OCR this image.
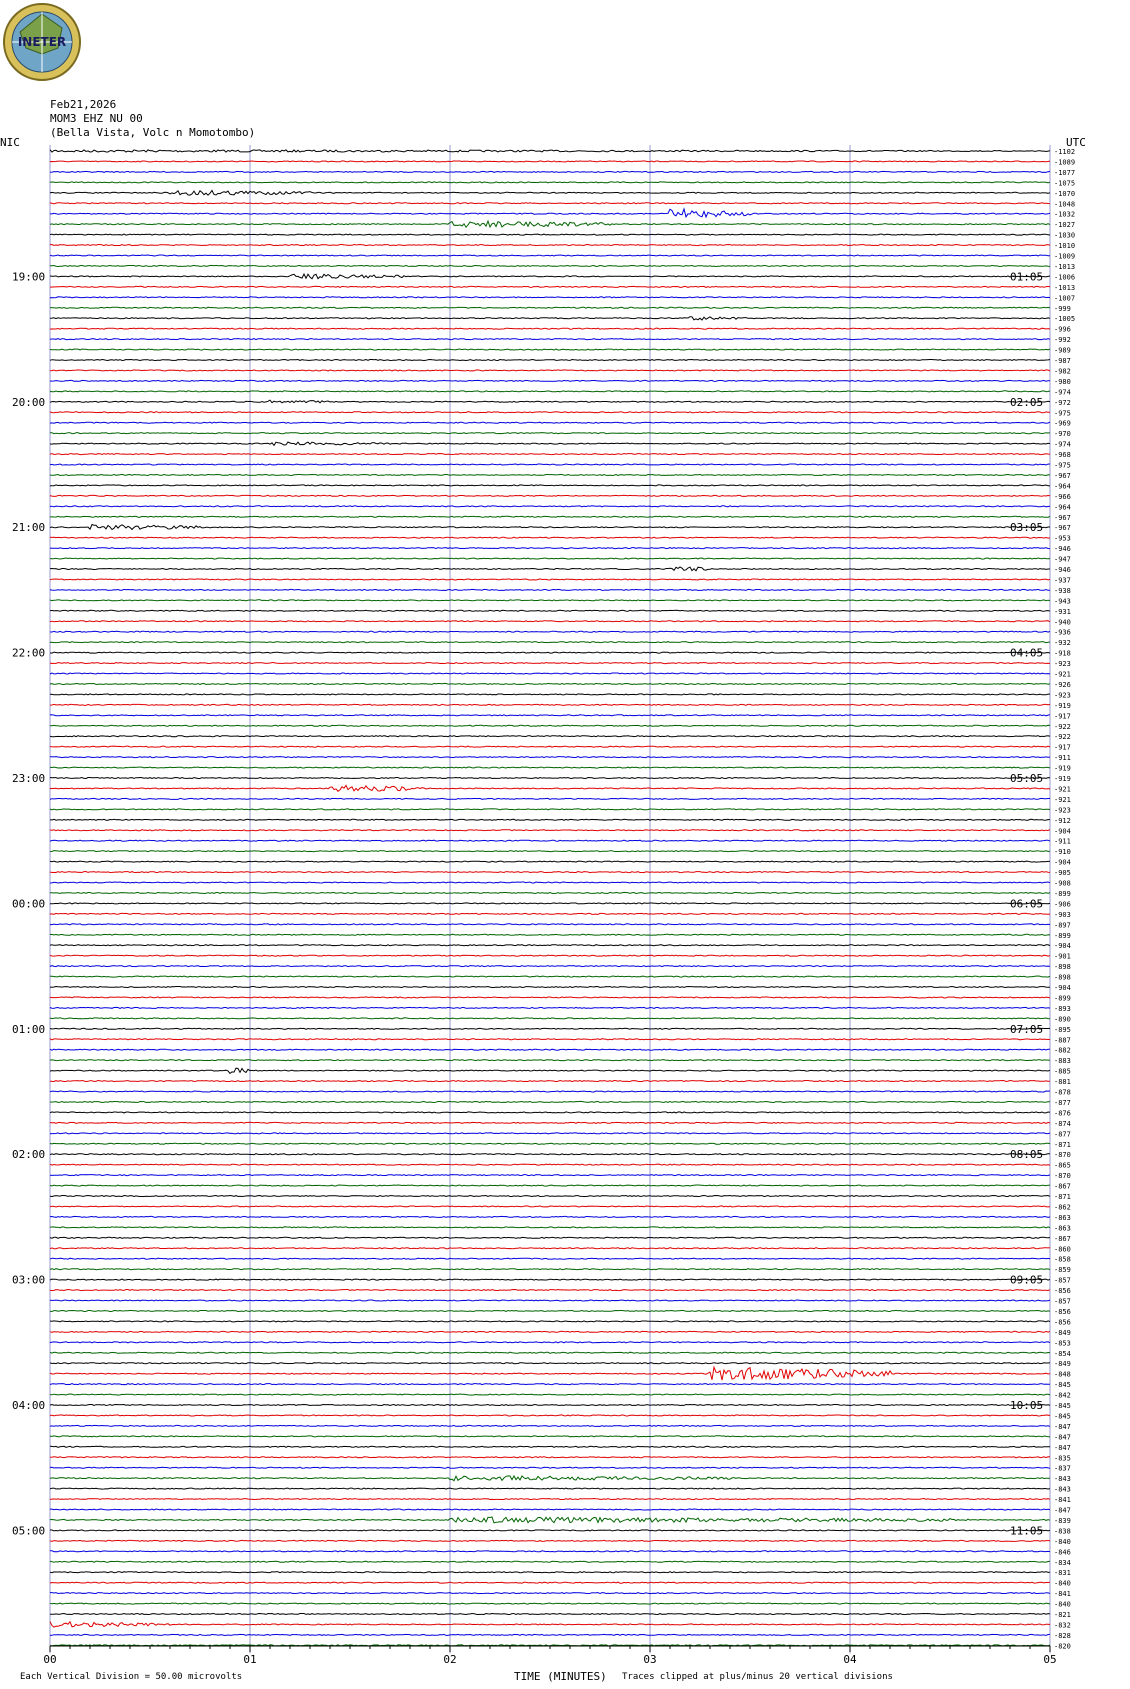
INETER
Feb21,2026
MOM3 EHZ NU 00
(Bella Vista, Volc n Momotombo)
NIC	UTC
-1102
-1089
-1077
-1075
-1070
-1048
-1032
-1027
-1030
-1010
-1009
-1013
-1006
-1013
-1007
-999
-1005
-996
-992
-989
-987
-982
-980
-974
-972
-975
-969
-970
-974
-968
-975
-967
-964
-966
-964
-967
-967
-953
-946
-947
-946
-937
-938
-943
-931
-940
-936
-932
-918
-923
-921
-926
-923
-919
-917
-922
-922
-917
-911
-919
-919
-921
-921
-923
-912
-904
-911
-910
-904
-905
-908
-899
-906
-903
-897
-899
-904
-901
-898
-898
-904
-899
-893
-890
-895
-887
-882
-883
-885
-881
-878
-877
-876
-874
-877
-871
-870
-865
-870
-867
-871
-862
-863
-863
-867
-860
-858
-859
-857
-856
-857
-856
-856
-849
-853
-854
-849
-848
-845
-842
-845
-845
-847
-847
-847
-835
-837
-843
-843
-841
-847
-839
-838
-840
-846
-834
-831
-840
-841
-840
-821
-832
-828
-820
19:00
20:00
21:00
22:00
23:00
00:00
01:00
02:00
03:00
04:00
05:00
01:05
02:05
03:05
04:05
05:05
06:05
07:05
08:05
09:05
10:05
11:05
00	01	02	03	04	05
Each Vertical Division = 50.00 microvolts	TIME (MINUTES) Traces clipped at plus/minus 20 vertical divisions
